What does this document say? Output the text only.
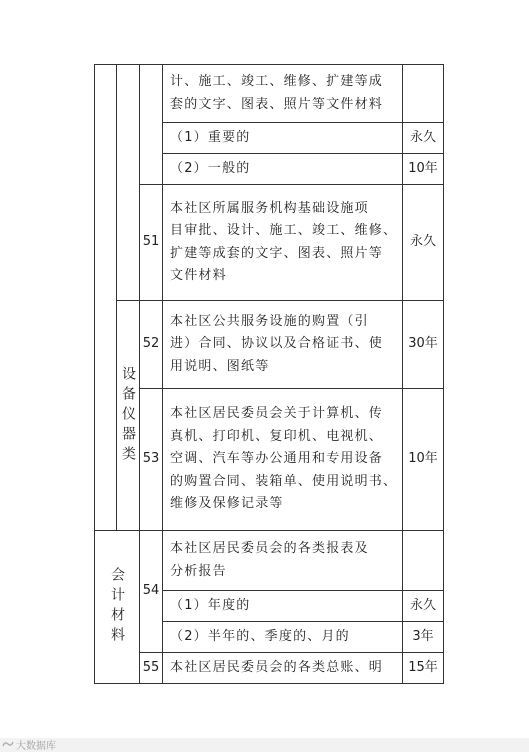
			计、施工、竣工、维修、扩建等成
套的文字、图表、照片等文件材料	

			（1）重要的	永久
			（2）一般的	10年
		51	本社区所属服务机构基础设施项
目审批、设计、施工、竣工、维修、
扩建等成套的文字、图表、照片等
文件材料	永久

	设备仪器类	52	本社区公共服务设施的购置（引
进）合同、协议以及合格证书、使
用说明、图纸等	30年
		53	本社区居民委员会关于计算机、传
真机、打印机、复印机、电视机、
空调、汽车等办公通用和专用设备
的购置合同、装箱单、使用说明书、
维修及保修记录等	10年

会计材料		54	本社区居民委员会的各类报表及
分析报告	

			（1）年度的	永久
			（2）半年的、季度的、月的	3年
		55	本社区居民委员会的各类总账、明	15年
大数据库
